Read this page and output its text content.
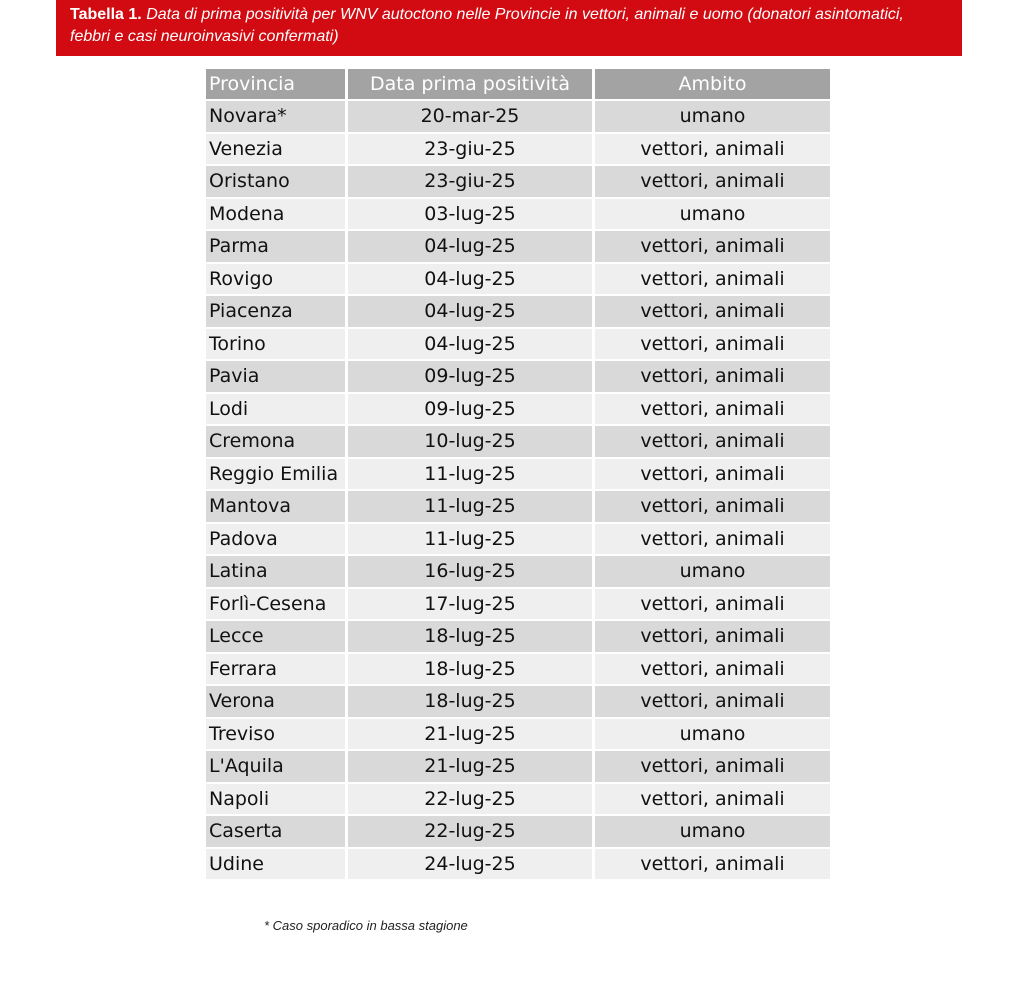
Tabella 1. Data di prima positività per WNV autoctono nelle Provincie in vettori, animali e uomo (donatori asintomatici, febbri e casi neuroinvasivi confermati)
Provincia	Data prima positività	Ambito
Novara*	20-mar-25	umano
Venezia	23-giu-25	vettori, animali
Oristano	23-giu-25	vettori, animali
Modena	03-lug-25	umano
Parma	04-lug-25	vettori, animali
Rovigo	04-lug-25	vettori, animali
Piacenza	04-lug-25	vettori, animali
Torino	04-lug-25	vettori, animali
Pavia	09-lug-25	vettori, animali
Lodi	09-lug-25	vettori, animali
Cremona	10-lug-25	vettori, animali
Reggio Emilia	11-lug-25	vettori, animali
Mantova	11-lug-25	vettori, animali
Padova	11-lug-25	vettori, animali
Latina	16-lug-25	umano
Forlì-Cesena	17-lug-25	vettori, animali
Lecce	18-lug-25	vettori, animali
Ferrara	18-lug-25	vettori, animali
Verona	18-lug-25	vettori, animali
Treviso	21-lug-25	umano
L'Aquila	21-lug-25	vettori, animali
Napoli	22-lug-25	vettori, animali
Caserta	22-lug-25	umano
Udine	24-lug-25	vettori, animali
* Caso sporadico in bassa stagione
